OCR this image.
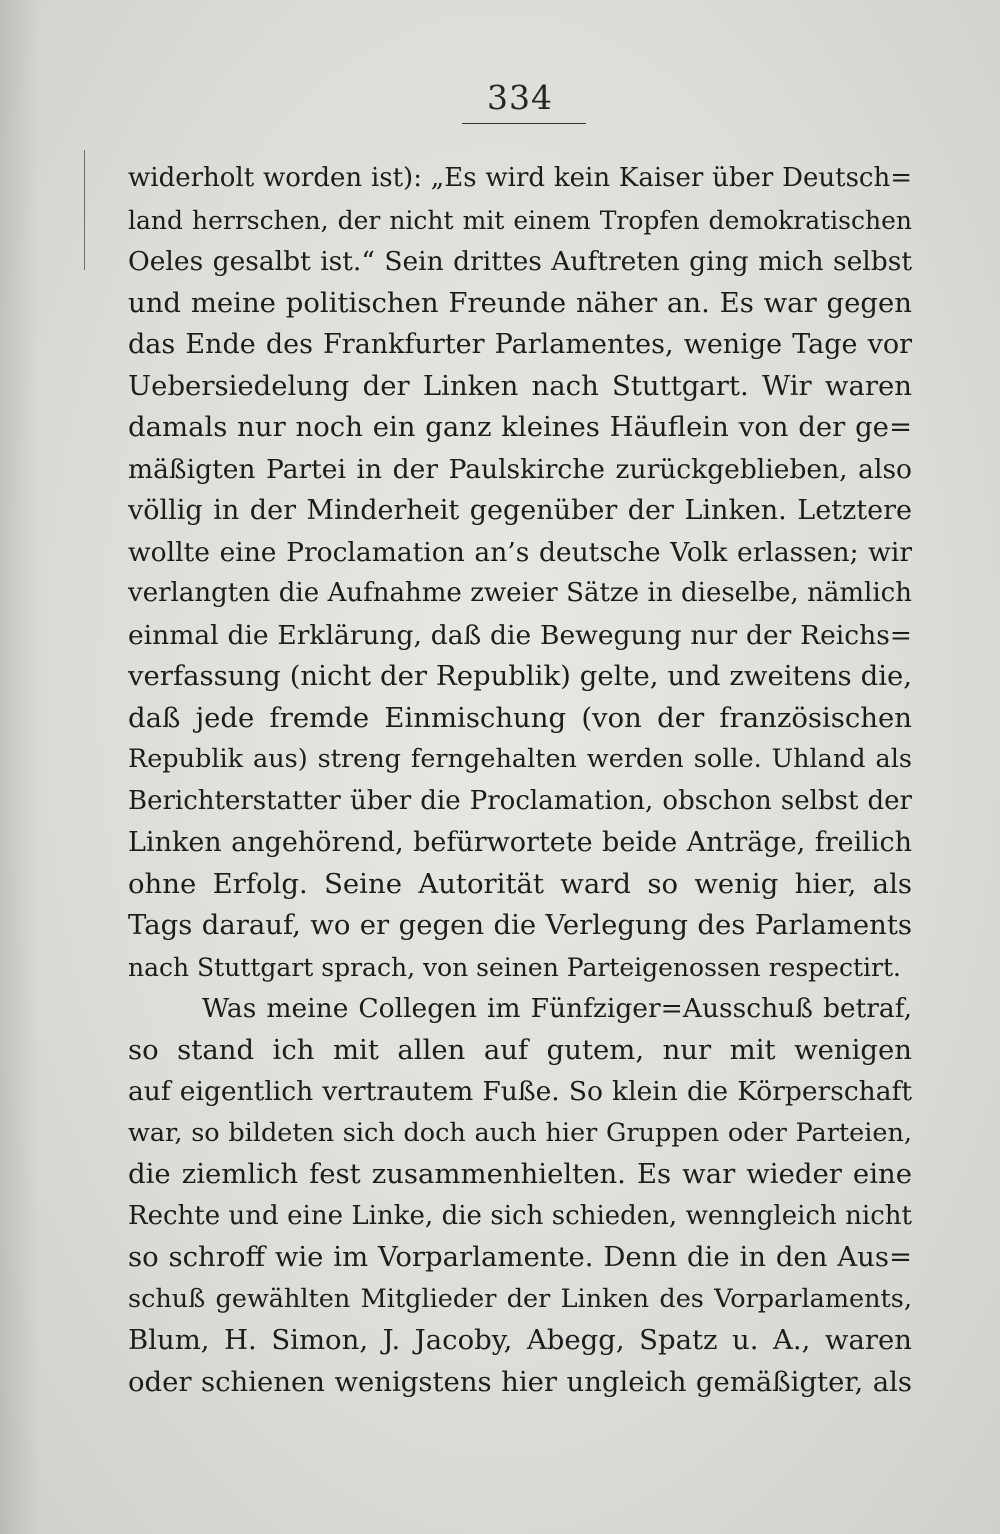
334
widerholt worden ist): „Es wird kein Kaiser über Deutsch=
land herrschen, der nicht mit einem Tropfen demokratischen
Oeles gesalbt ist.“ Sein drittes Auftreten ging mich selbst
und meine politischen Freunde näher an. Es war gegen
das Ende des Frankfurter Parlamentes, wenige Tage vor
Uebersiedelung der Linken nach Stuttgart. Wir waren
damals nur noch ein ganz kleines Häuflein von der ge=
mäßigten Partei in der Paulskirche zurückgeblieben, also
völlig in der Minderheit gegenüber der Linken. Letztere
wollte eine Proclamation an’s deutsche Volk erlassen; wir
verlangten die Aufnahme zweier Sätze in dieselbe, nämlich
einmal die Erklärung, daß die Bewegung nur der Reichs=
verfassung (nicht der Republik) gelte, und zweitens die,
daß jede fremde Einmischung (von der französischen
Republik aus) streng ferngehalten werden solle. Uhland als
Berichterstatter über die Proclamation, obschon selbst der
Linken angehörend, befürwortete beide Anträge, freilich
ohne Erfolg. Seine Autorität ward so wenig hier, als
Tags darauf, wo er gegen die Verlegung des Parlaments
nach Stuttgart sprach, von seinen Parteigenossen respectirt.
Was meine Collegen im Fünfziger=Ausschuß betraf,
so stand ich mit allen auf gutem, nur mit wenigen
auf eigentlich vertrautem Fuße. So klein die Körperschaft
war, so bildeten sich doch auch hier Gruppen oder Parteien,
die ziemlich fest zusammenhielten. Es war wieder eine
Rechte und eine Linke, die sich schieden, wenngleich nicht
so schroff wie im Vorparlamente. Denn die in den Aus=
schuß gewählten Mitglieder der Linken des Vorparlaments,
Blum, H. Simon, J. Jacoby, Abegg, Spatz u. A., waren
oder schienen wenigstens hier ungleich gemäßigter, als
